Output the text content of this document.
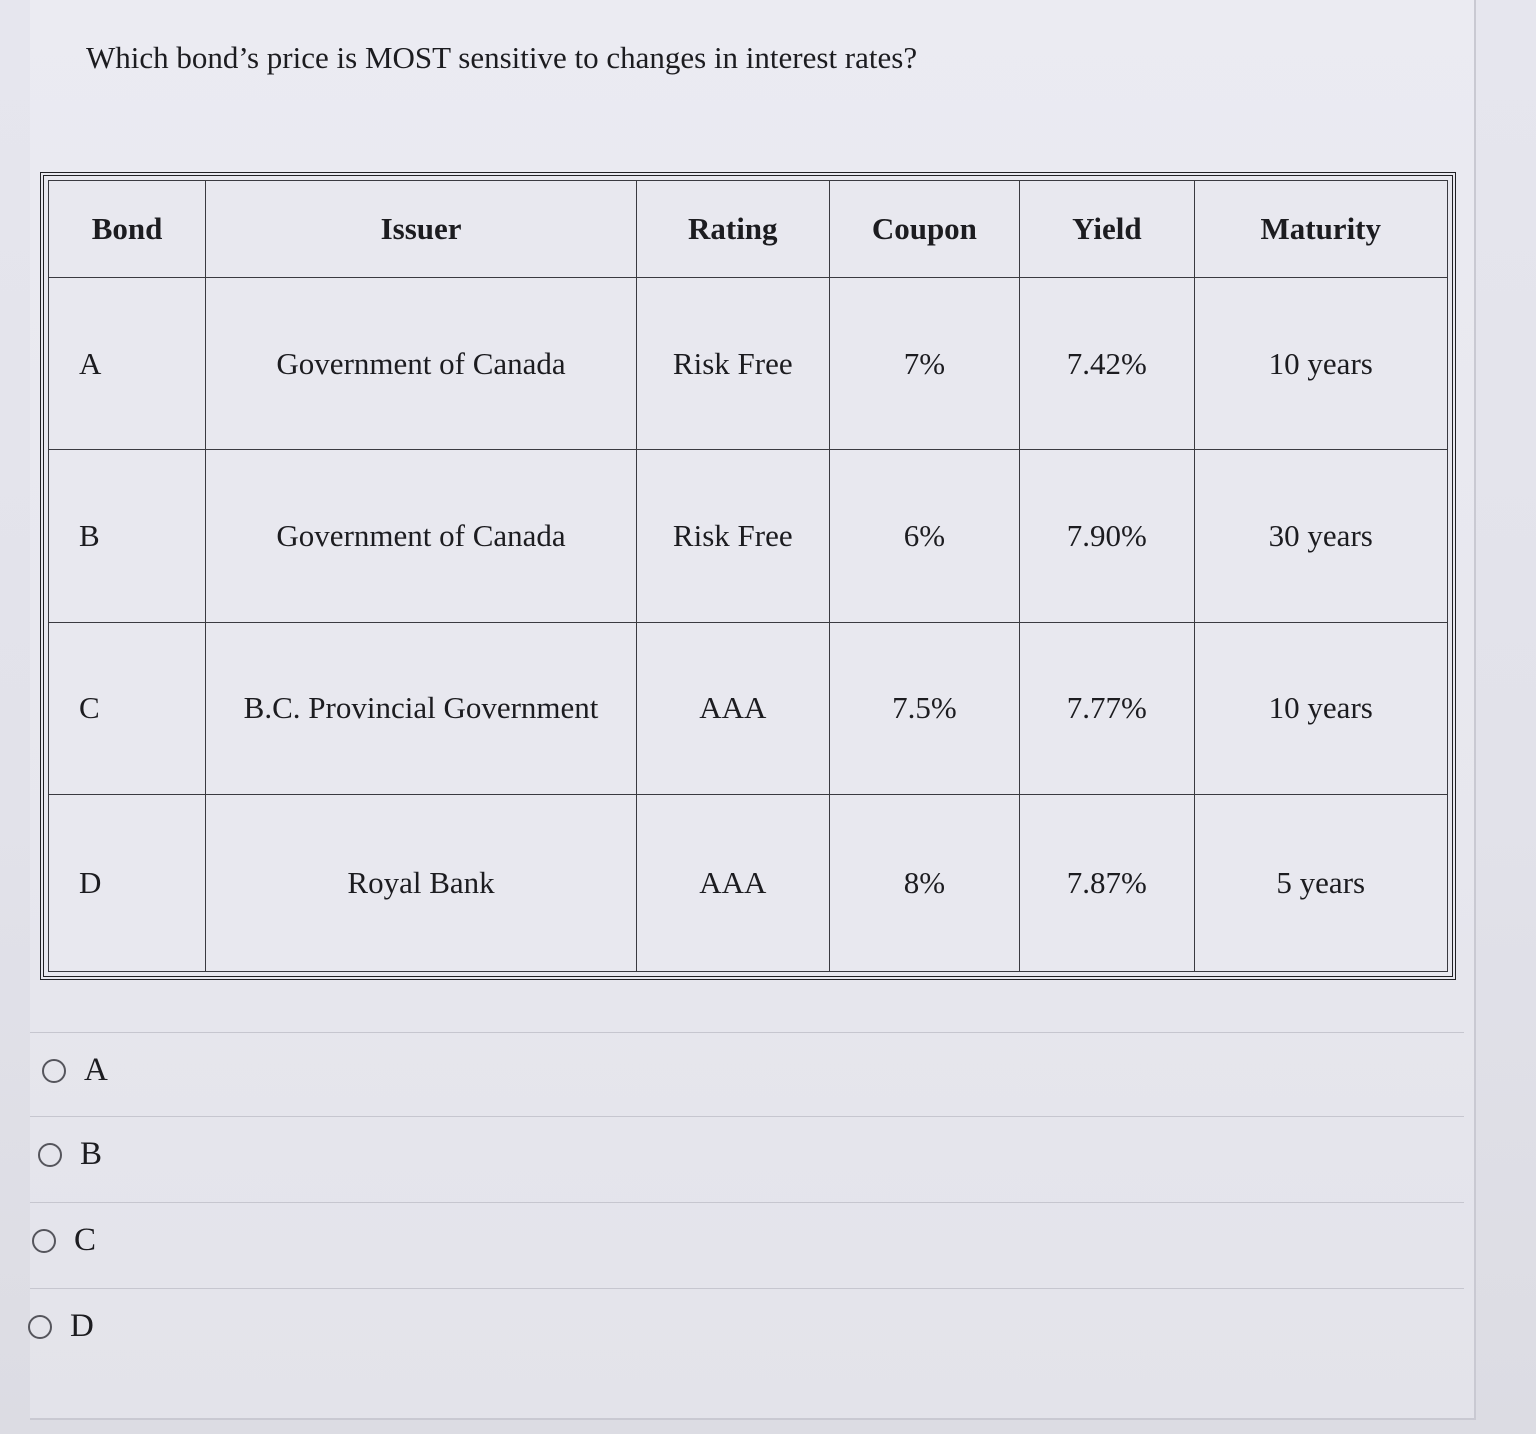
Which bond’s price is MOST sensitive to changes in interest rates?
Bond	Issuer	Rating	Coupon	Yield	Maturity
A	Government of Canada	Risk Free	7%	7.42%	10 years
B	Government of Canada	Risk Free	6%	7.90%	30 years
C	B.C. Provincial Government	AAA	7.5%	7.77%	10 years
D	Royal Bank	AAA	8%	7.87%	5 years
A
B
C
D
